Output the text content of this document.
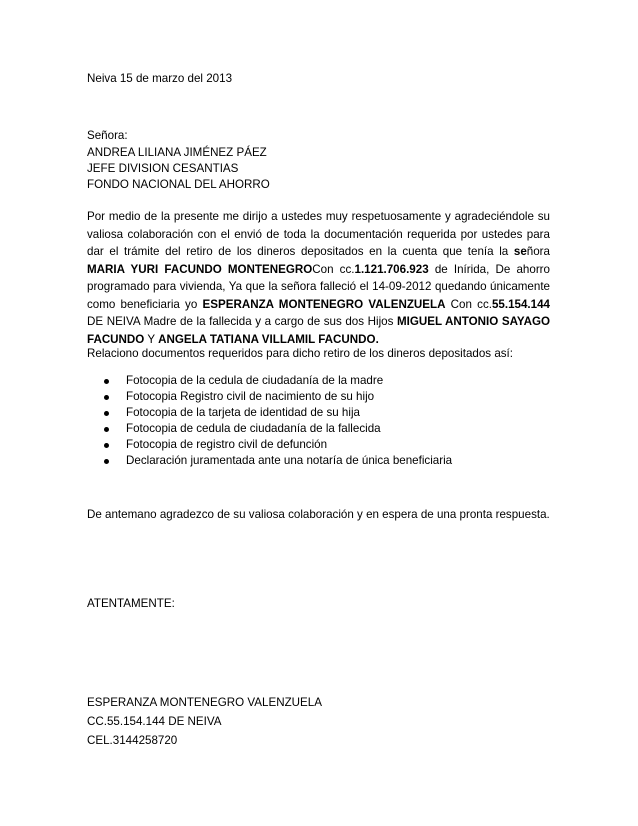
Neiva 15 de marzo del 2013
Señora:
ANDREA LILIANA JIMÉNEZ PÁEZ
JEFE DIVISION CESANTIAS
FONDO NACIONAL DEL AHORRO
Por medio de la presente me dirijo a ustedes muy respetuosamente y agradeciéndole su
valiosa colaboración con el envió de toda la documentación requerida por ustedes para
dar el trámite del retiro de los dineros depositados en la cuenta que tenía la señora
MARIA YURI FACUNDO MONTENEGROCon cc.1.121.706.923 de Inírida, De ahorro
programado para vivienda, Ya que la señora falleció el 14-09-2012 quedando únicamente
como beneficiaria yo ESPERANZA MONTENEGRO VALENZUELA Con cc.55.154.144
DE NEIVA Madre de la fallecida y a cargo de sus dos Hijos MIGUEL ANTONIO SAYAGO
FACUNDO Y ANGELA TATIANA VILLAMIL FACUNDO.
Relaciono documentos requeridos para dicho retiro de los dineros depositados así:
Fotocopia de la cedula de ciudadanía de la madre
Fotocopia Registro civil de nacimiento de su hijo
Fotocopia de la tarjeta de identidad de su hija
Fotocopia de cedula de ciudadanía de la fallecida
Fotocopia de registro civil de defunción
Declaración juramentada ante una notaría de única beneficiaria
De antemano agradezco de su valiosa colaboración y en espera de una pronta respuesta.
ATENTAMENTE:
ESPERANZA MONTENEGRO VALENZUELA
CC.55.154.144 DE NEIVA
CEL.3144258720
